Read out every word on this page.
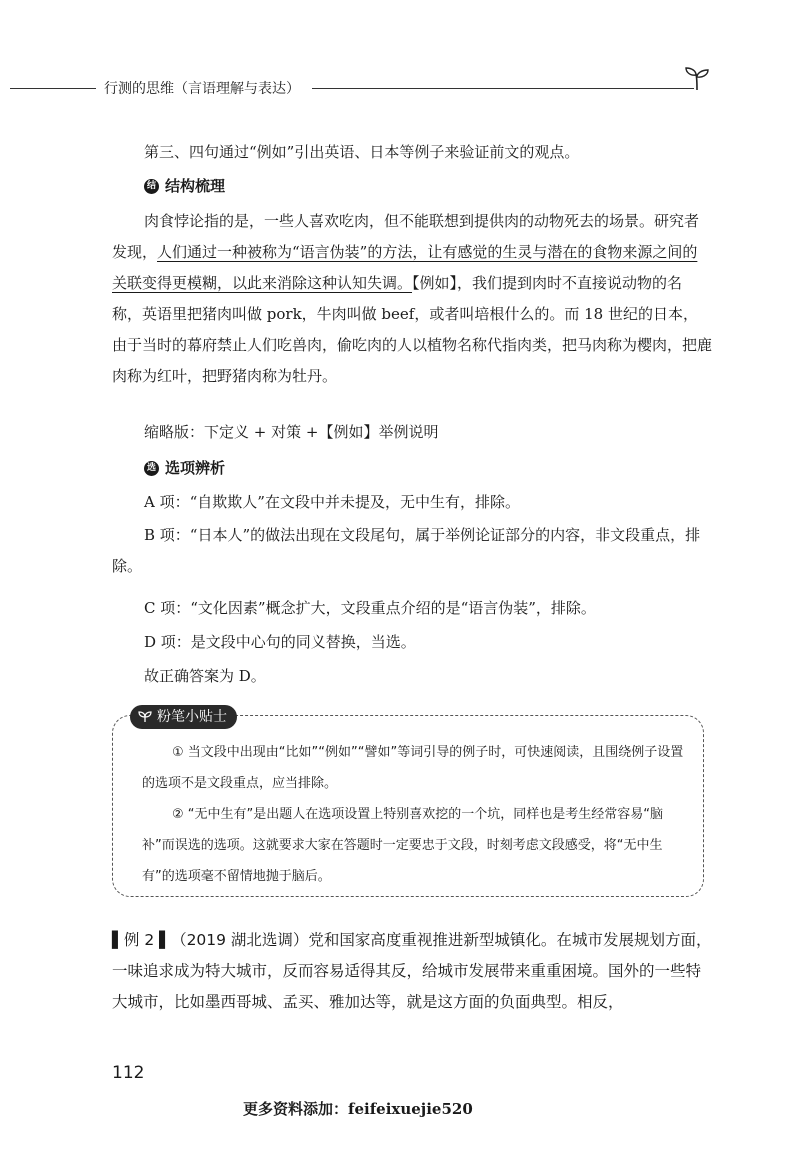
行测的思维（言语理解与表达）
第三、四句通过“例如”引出英语、日本等例子来验证前文的观点。
结 结构梳理

肉食悖论指的是，一些人喜欢吃肉，但不能联想到提供肉的动物死去的场景。研究者发现，人们通过一种被称为“语言伪装”的方法，让有感觉的生灵与潜在的食物来源之间的关联变得更模糊，以此来消除这种认知失调。【例如】，我们提到肉时不直接说动物的名称，英语里把猪肉叫做 pork，牛肉叫做 beef，或者叫培根什么的。而 18 世纪的日本，由于当时的幕府禁止人们吃兽肉，偷吃肉的人以植物名称代指肉类，把马肉称为樱肉，把鹿肉称为红叶，把野猪肉称为牡丹。

缩略版：下定义 + 对策 +【例如】举例说明
选 选项辨析
A 项：“自欺欺人”在文段中并未提及，无中生有，排除。

B 项：“日本人”的做法出现在文段尾句，属于举例论证部分的内容，非文段重点，排除。

C 项：“文化因素”概念扩大，文段重点介绍的是“语言伪装”，排除。
D 项：是文段中心句的同义替换，当选。
故正确答案为 D。
粉笔小贴士

① 当文段中出现由“比如”“例如”“譬如”等词引导的例子时，可快速阅读，且围绕例子设置的选项不是文段重点，应当排除。

② “无中生有”是出题人在选项设置上特别喜欢挖的一个坑，同样也是考生经常容易“脑补”而误选的选项。这就要求大家在答题时一定要忠于文段，时刻考虑文段感受，将“无中生有”的选项毫不留情地抛于脑后。

▌例 2 ▌（2019 湖北选调）党和国家高度重视推进新型城镇化。在城市发展规划方面，一味追求成为特大城市，反而容易适得其反，给城市发展带来重重困境。国外的一些特大城市，比如墨西哥城、孟买、雅加达等，就是这方面的负面典型。相反，

112
更多资料添加：feifeixuejie520
